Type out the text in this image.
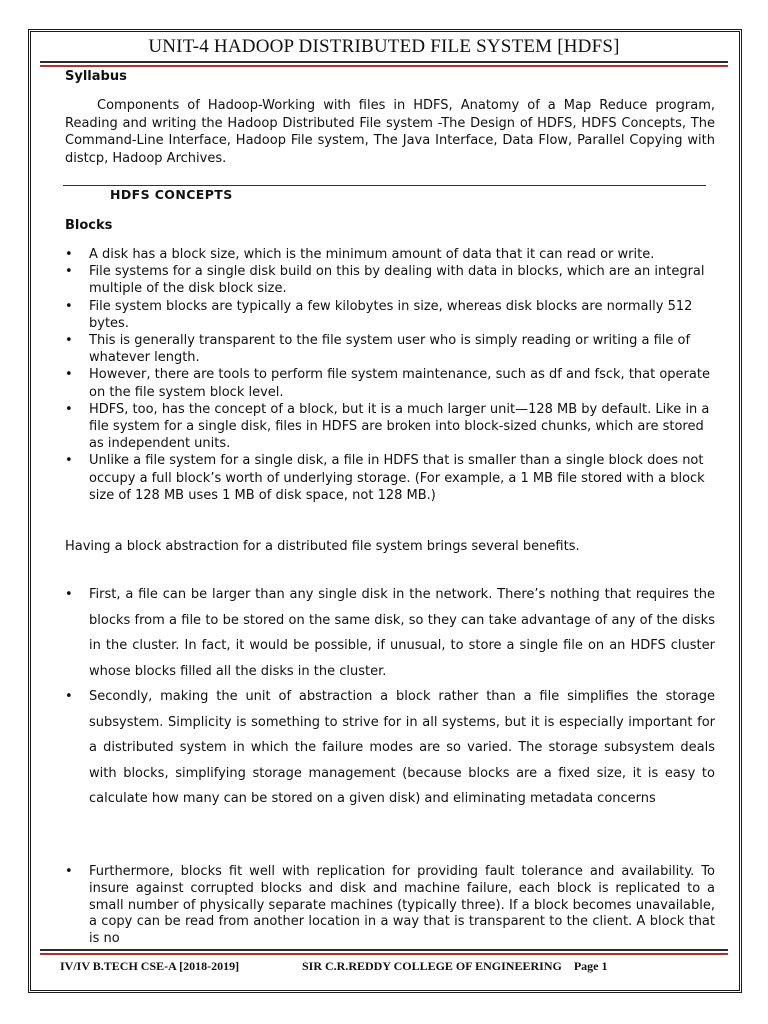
UNIT-4 HADOOP DISTRIBUTED FILE SYSTEM [HDFS]
Syllabus
Components of Hadoop-Working with files in HDFS, Anatomy of a Map Reduce program, Reading and writing the Hadoop Distributed File system -The Design of HDFS, HDFS Concepts, The Command-Line Interface, Hadoop File system, The Java Interface, Data Flow, Parallel Copying with distcp, Hadoop Archives.
HDFS CONCEPTS
Blocks
• A disk has a block size, which is the minimum amount of data that it can read or write.
• File systems for a single disk build on this by dealing with data in blocks, which are an integral multiple of the disk block size.
• File system blocks are typically a few kilobytes in size, whereas disk blocks are normally 512 bytes.
• This is generally transparent to the file system user who is simply reading or writing a file of whatever length.
• However, there are tools to perform file system maintenance, such as df and fsck, that operate on the file system block level.
• HDFS, too, has the concept of a block, but it is a much larger unit—128 MB by default. Like in a file system for a single disk, files in HDFS are broken into block-sized chunks, which are stored as independent units.
• Unlike a file system for a single disk, a file in HDFS that is smaller than a single block does not occupy a full block’s worth of underlying storage. (For example, a 1 MB file stored with a block size of 128 MB uses 1 MB of disk space, not 128 MB.)
Having a block abstraction for a distributed file system brings several benefits.
• First, a file can be larger than any single disk in the network. There’s nothing that requires the blocks from a file to be stored on the same disk, so they can take advantage of any of the disks in the cluster. In fact, it would be possible, if unusual, to store a single file on an HDFS cluster whose blocks filled all the disks in the cluster.
• Secondly, making the unit of abstraction a block rather than a file simplifies the storage subsystem. Simplicity is something to strive for in all systems, but it is especially important for a distributed system in which the failure modes are so varied. The storage subsystem deals with blocks, simplifying storage management (because blocks are a fixed size, it is easy to calculate how many can be stored on a given disk) and eliminating metadata concerns
• Furthermore, blocks fit well with replication for providing fault tolerance and availability. To insure against corrupted blocks and disk and machine failure, each block is replicated to a small number of physically separate machines (typically three). If a block becomes unavailable, a copy can be read from another location in a way that is transparent to the client. A block that is no
IV/IV B.TECH CSE-A [2018-2019]	SIR C.R.REDDY COLLEGE OF ENGINEERING    Page 1
